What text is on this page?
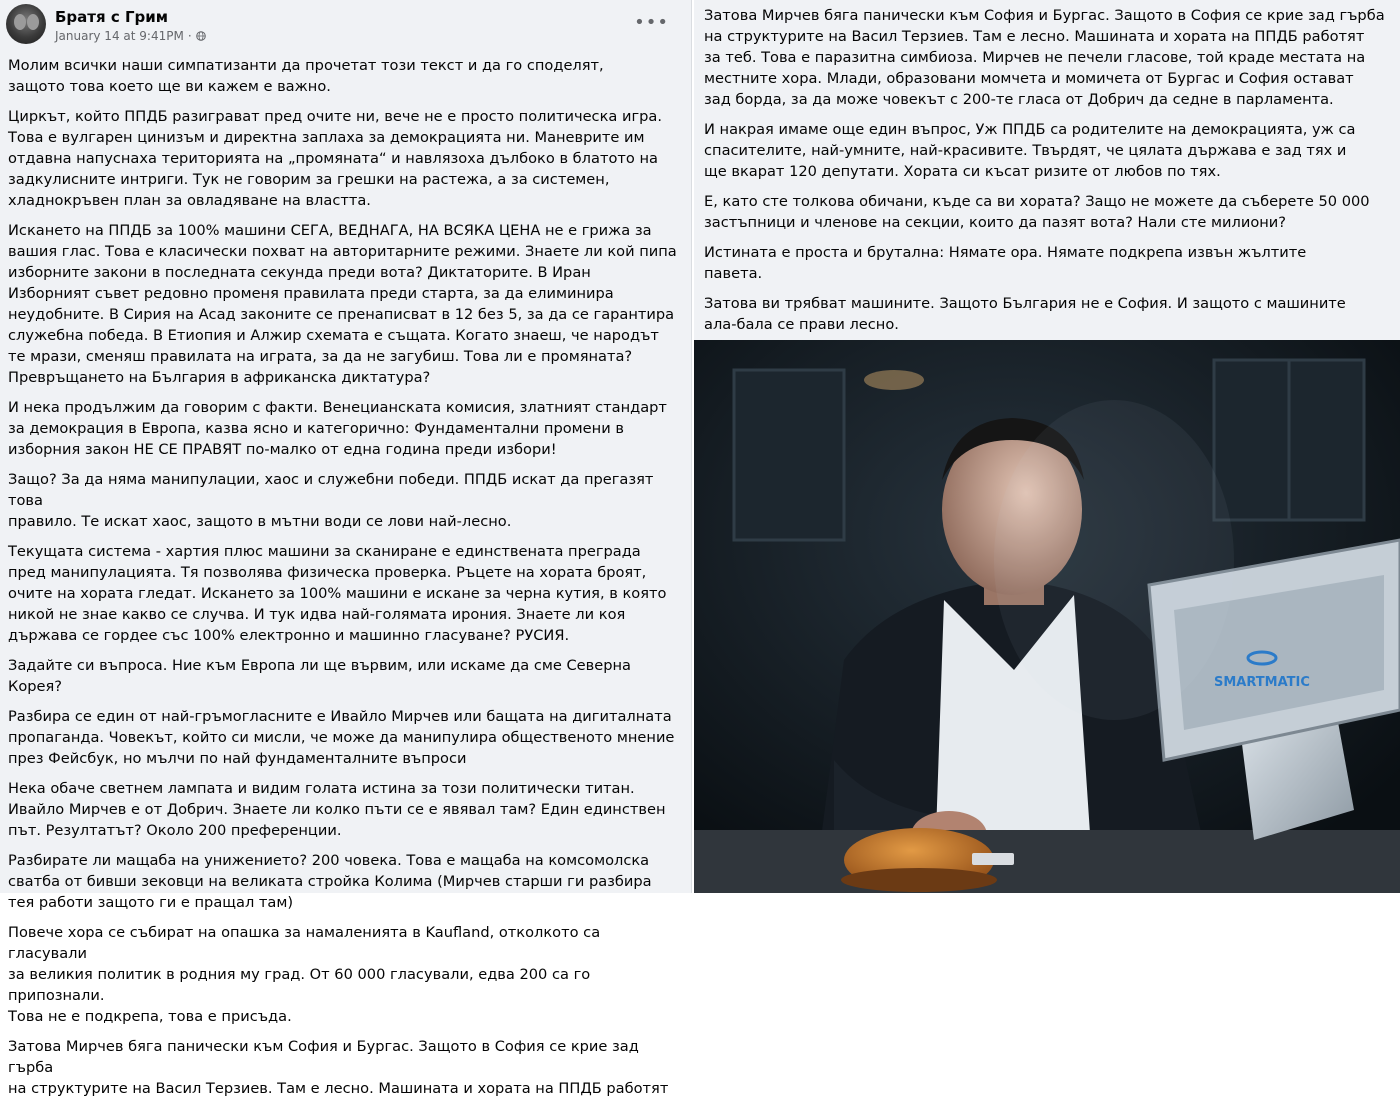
Братя с Грим
January 14 at 9:41PM ·
•••

Молим всички наши симпатизанти да прочетат този текст и да го споделят,
защото това което ще ви кажем е важно.

Циркът, който ППДБ разиграват пред очите ни, вече не е просто политическа игра.
Това е вулгарен цинизъм и директна заплаха за демокрацията ни. Маневрите им
отдавна напуснаха територията на „промяната“ и навлязоха дълбоко в блатото на
задкулисните интриги. Тук не говорим за грешки на растежа, а за системен,
хладнокръвен план за овладяване на властта.

Искането на ППДБ за 100% машини СЕГА, ВЕДНАГА, НА ВСЯКА ЦЕНА не е грижа за
вашия глас. Това е класически похват на авторитарните режими. Знаете ли кой пипа
изборните закони в последната секунда преди вота? Диктаторите. В Иран
Изборният съвет редовно променя правилата преди старта, за да елиминира
неудобните. В Сирия на Асад законите се пренаписват в 12 без 5, за да се гарантира
служебна победа. В Етиопия и Алжир схемата е същата. Когато знаеш, че народът
те мрази, сменяш правилата на играта, за да не загубиш. Това ли е промяната?
Превръщането на България в африканска диктатура?

И нека продължим да говорим с факти. Венецианската комисия, златният стандарт
за демокрация в Европа, казва ясно и категорично: Фундаментални промени в
изборния закон НЕ СЕ ПРАВЯТ по-малко от една година преди избори!

Защо? За да няма манипулации, хаос и служебни победи. ППДБ искат да прегазят това
правило. Те искат хаос, защото в мътни води се лови най-лесно.

Текущата система - хартия плюс машини за сканиране е единствената преграда
пред манипулацията. Тя позволява физическа проверка. Ръцете на хората броят,
очите на хората гледат. Искането за 100% машини е искане за черна кутия, в която
никой не знае какво се случва. И тук идва най-голямата ирония. Знаете ли коя
държава се гордее със 100% електронно и машинно гласуване? РУСИЯ.

Задайте си въпроса. Ние към Европа ли ще вървим, или искаме да сме Северна Корея?

Разбира се един от най-гръмогласните е Ивайло Мирчев или бащата на дигиталната
пропаганда. Човекът, който си мисли, че може да манипулира общественото мнение
през Фейсбук, но мълчи по най фундаменталните въпроси

Нека обаче светнем лампата и видим голата истина за този политически титан.
Ивайло Мирчев е от Добрич. Знаете ли колко пъти се е явявал там? Един единствен
път. Резултатът? Около 200 преференции.

Разбирате ли мащаба на унижението? 200 човека. Това е мащаба на комсомолска
сватба от бивши зековци на великата стройка Колима (Мирчев старши ги разбира
тея работи защото ги е пращал там)

Повече хора се събират на опашка за намаленията в Kaufland, отколкото са гласували
за великия политик в родния му град. От 60 000 гласували, едва 200 са го припознали.
Това не е подкрепа, това е присъда.

Затова Мирчев бяга панически към София и Бургас. Защото в София се крие зад гърба
на структурите на Васил Терзиев. Там е лесно. Машината и хората на ППДБ работят

Затова Мирчев бяга панически към София и Бургас. Защото в София се крие зад гърба
на структурите на Васил Терзиев. Там е лесно. Машината и хората на ППДБ работят
за теб. Това е паразитна симбиоза. Мирчев не печели гласове, той краде местата на
местните хора. Млади, образовани момчета и момичета от Бургас и София остават
зад борда, за да може човекът с 200-те гласа от Добрич да седне в парламента.

И накрая имаме още един въпрос, Уж ППДБ са родителите на демокрацията, уж са
спасителите, най-умните, най-красивите. Твърдят, че цялата държава е зад тях и
ще вкарат 120 депутати. Хората си късат ризите от любов по тях.

Е, като сте толкова обичани, къде са ви хората? Защо не можете да съберете 50 000
застъпници и членове на секции, които да пазят вота? Нали сте милиони?

Истината е проста и брутална: Нямате ора. Нямате подкрепа извън жълтите
павета.

Затова ви трябват машините. Защото България не е София. И защото с машините
ала-бала се прави лесно.

SMARTMATIC
